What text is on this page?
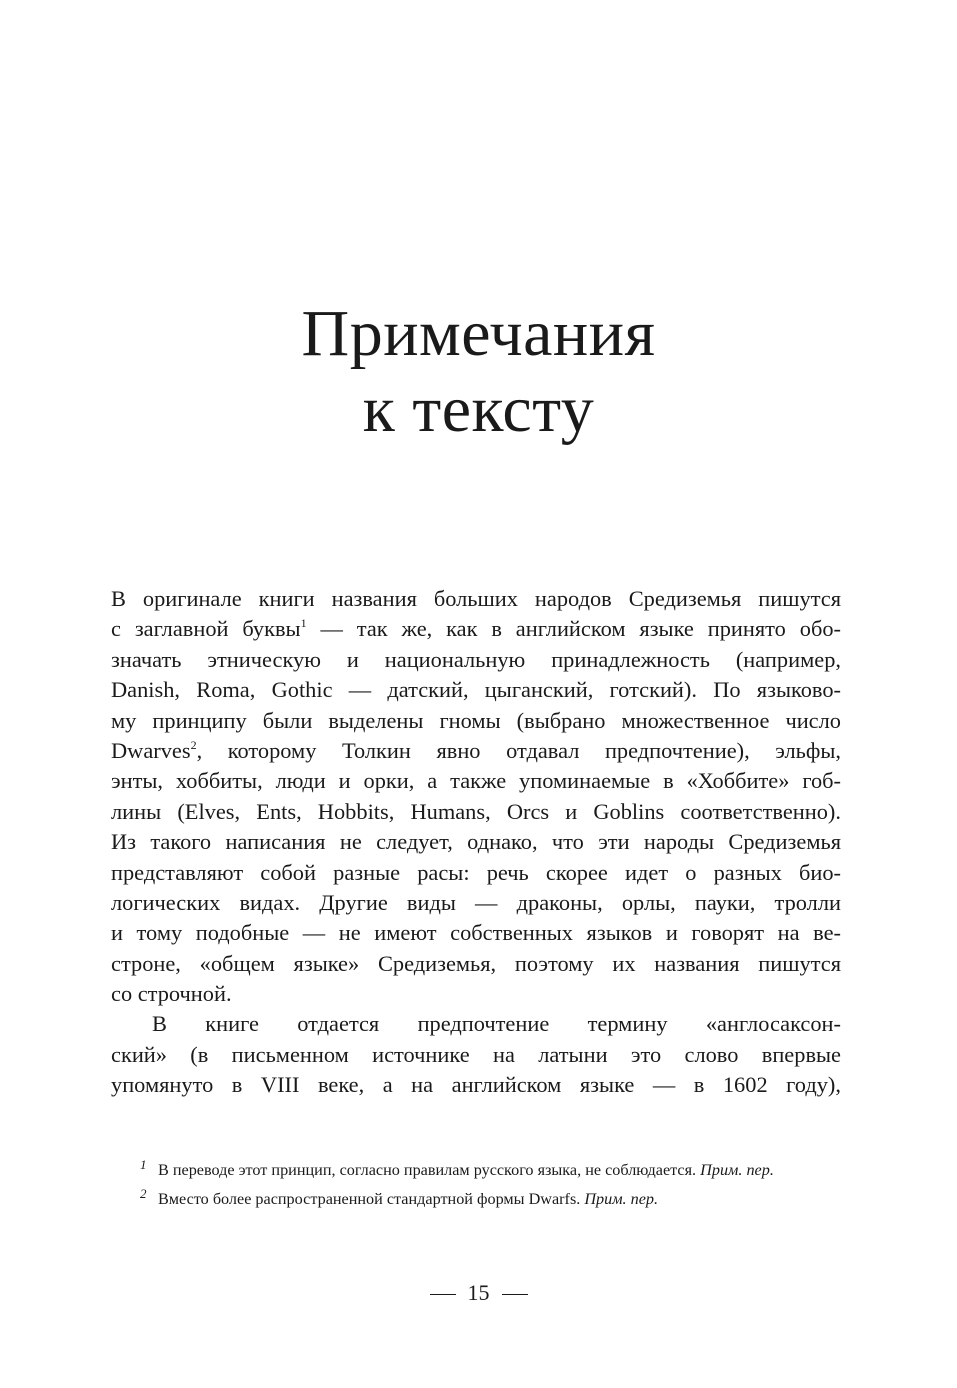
Примечания
к тексту
В оригинале книги названия больших народов Средиземья пишутся
с заглавной буквы$^1$ — так же, как в английском языке принято обо-
значать этническую и национальную принадлежность (например,
Danish, Roma, Gothic — датский, цыганский, готский). По языково-
му принципу были выделены гномы (выбрано множественное число
Dwarves$^2$, которому Толкин явно отдавал предпочтение), эльфы,
энты, хоббиты, люди и орки, а также упоминаемые в «Хоббите» гоб-
лины (Elves, Ents, Hobbits, Humans, Orcs и Goblins соответственно).
Из такого написания не следует, однако, что эти народы Средиземья
представляют собой разные расы: речь скорее идет о разных био-
логических видах. Другие виды — драконы, орлы, пауки, тролли
и тому подобные — не имеют собственных языков и говорят на ве-
строне, «общем языке» Средиземья, поэтому их названия пишутся
со строчной.
В книге отдается предпочтение термину «англосаксон-
ский» (в письменном источнике на латыни это слово впервые
упомянуто в VIII веке, а на английском языке — в 1602 году),
1 В переводе этот принцип, согласно правилам русского языка, не соблюдается. Прим. пер.
2 Вместо более распространенной стандартной формы Dwarfs. Прим. пер.
15
